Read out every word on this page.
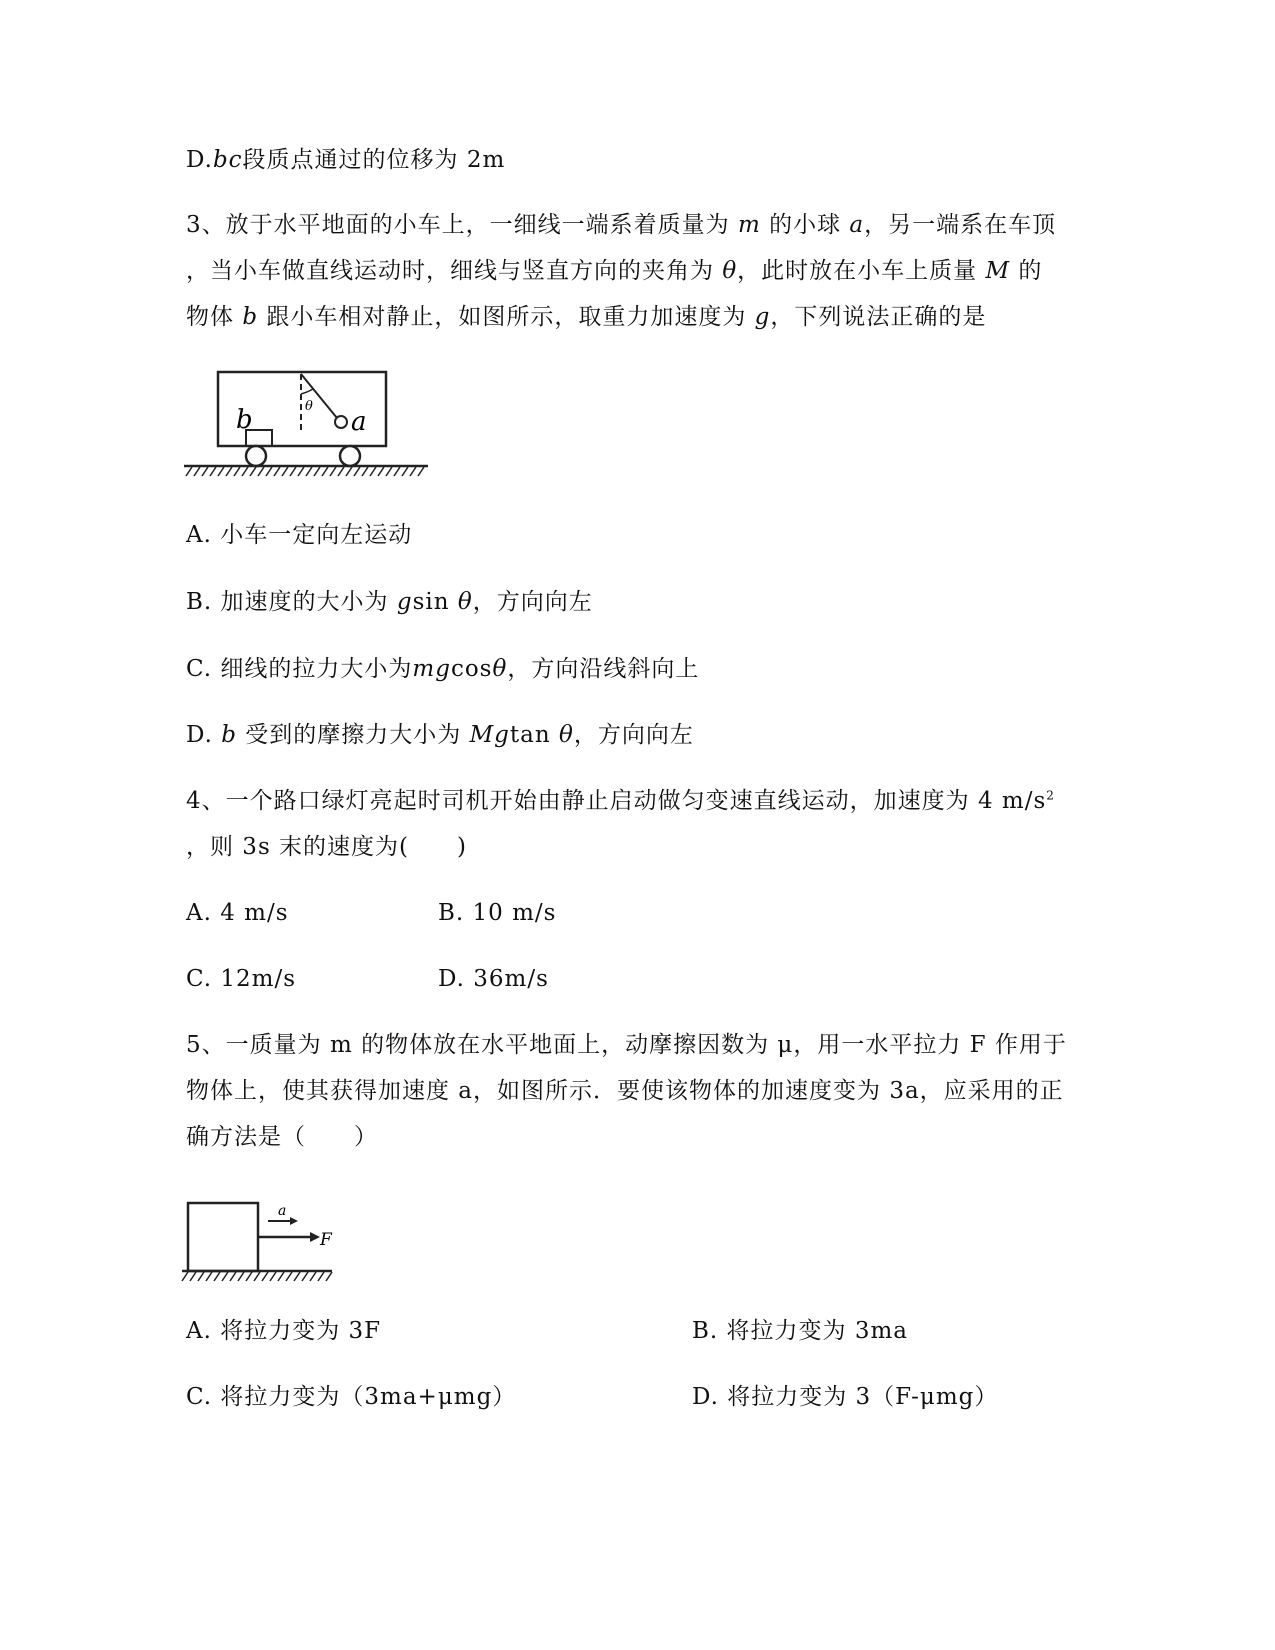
D.bc段质点通过的位移为 2m
3、放于水平地面的小车上，一细线一端系着质量为 m 的小球 a，另一端系在车顶
，当小车做直线运动时，细线与竖直方向的夹角为 θ，此时放在小车上质量 M 的
物体 b 跟小车相对静止，如图所示，取重力加速度为 g，下列说法正确的是
θ
a
b
A. 小车一定向左运动
B. 加速度的大小为 gsin θ，方向向左
C. 细线的拉力大小为mgcosθ，方向沿线斜向上
D. b 受到的摩擦力大小为 Mgtan θ，方向向左
4、一个路口绿灯亮起时司机开始由静止启动做匀变速直线运动，加速度为 4 $m/s^2$
，则 3s 末的速度为(　　)
A. 4 m/s	B. 10 m/s
C. 12m/s	D. 36m/s
5、一质量为 m 的物体放在水平地面上，动摩擦因数为 μ，用一水平拉力 F 作用于
物体上，使其获得加速度 a，如图所示．要使该物体的加速度变为 3a，应采用的正
确方法是（　　）
F
a
A. 将拉力变为 3F	B. 将拉力变为 3ma
C. 将拉力变为（3ma+μmg）	D. 将拉力变为 3（F-μmg）
